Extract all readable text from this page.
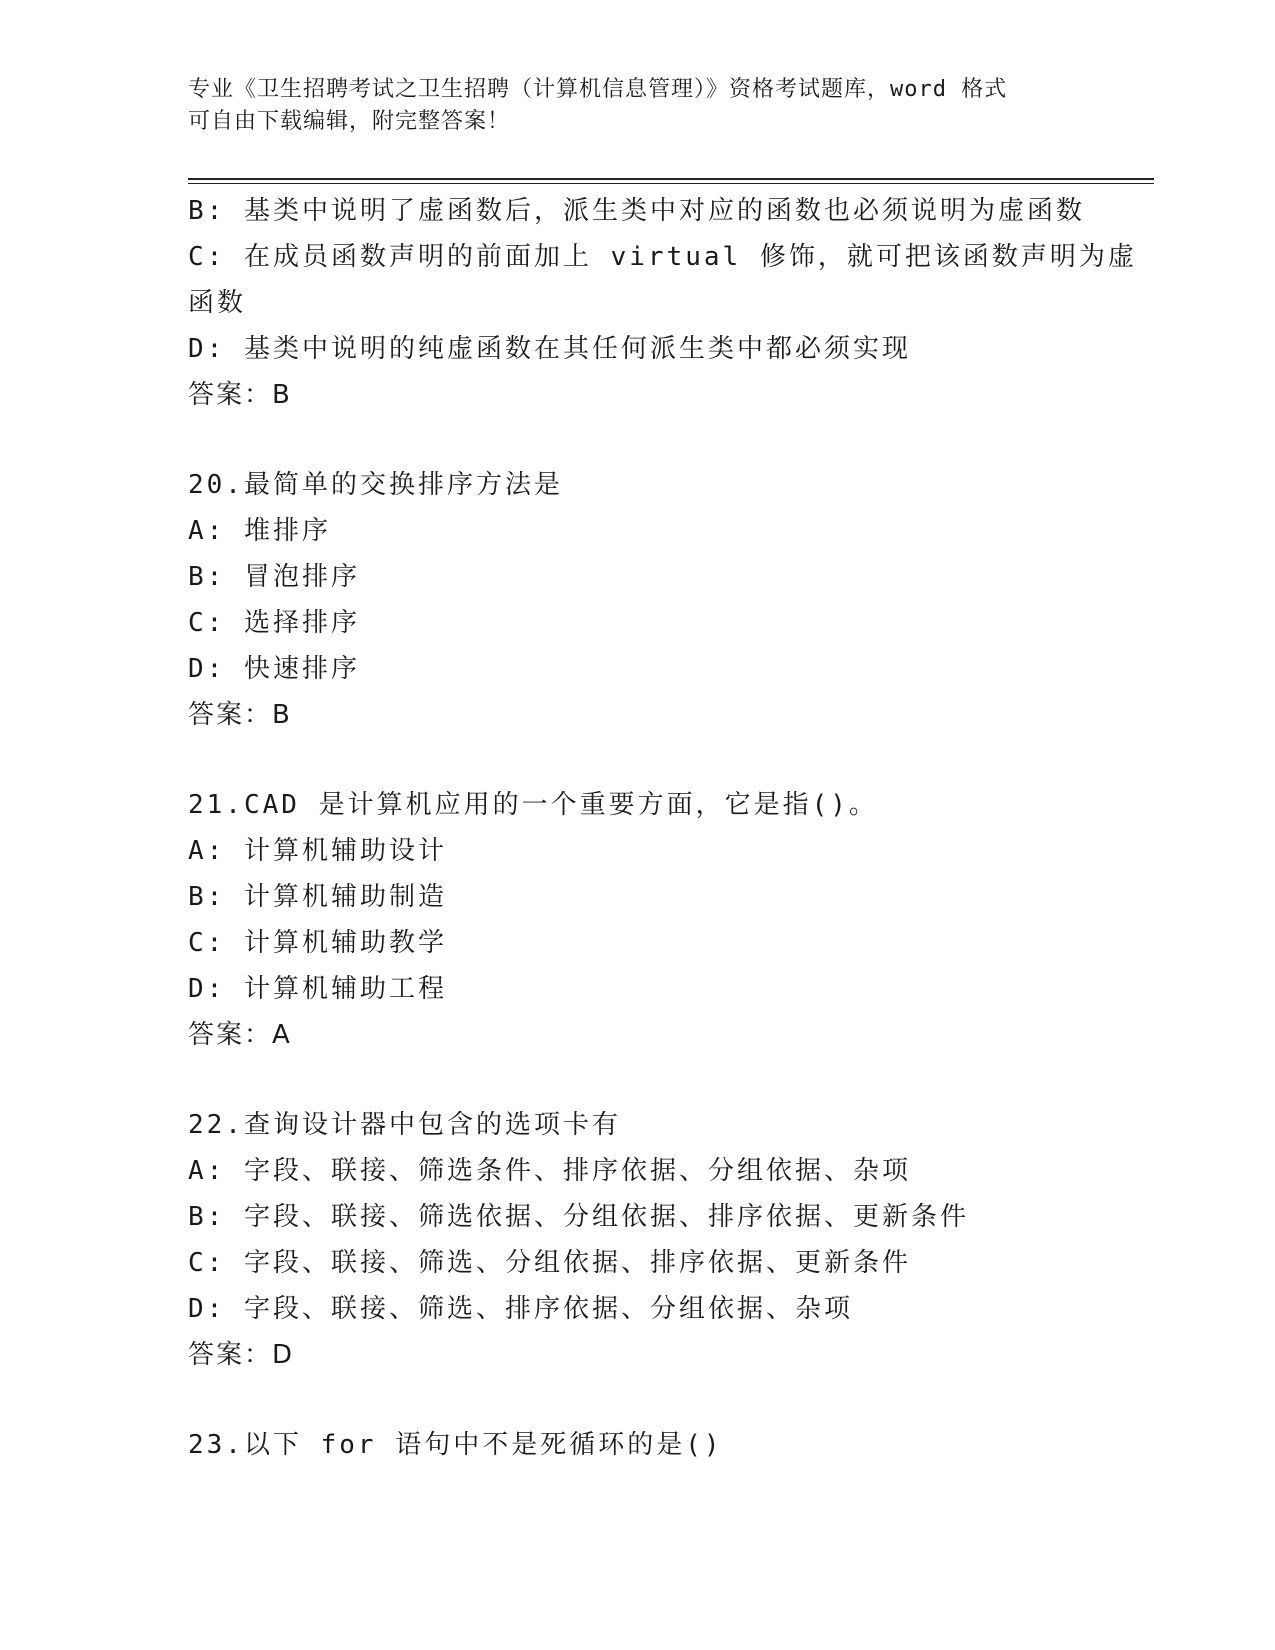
专业《卫生招聘考试之卫生招聘（计算机信息管理）》资格考试题库，word 格式
可自由下载编辑，附完整答案！
B: 基类中说明了虚函数后，派生类中对应的函数也必须说明为虚函数
C: 在成员函数声明的前面加上 virtual 修饰，就可把该函数声明为虚
函数
D: 基类中说明的纯虚函数在其任何派生类中都必须实现
答案：B
20.最简单的交换排序方法是
A: 堆排序
B: 冒泡排序
C: 选择排序
D: 快速排序
答案：B
21.CAD 是计算机应用的一个重要方面，它是指()。
A: 计算机辅助设计
B: 计算机辅助制造
C: 计算机辅助教学
D: 计算机辅助工程
答案：A
22.查询设计器中包含的选项卡有
A: 字段、联接、筛选条件、排序依据、分组依据、杂项
B: 字段、联接、筛选依据、分组依据、排序依据、更新条件
C: 字段、联接、筛选、分组依据、排序依据、更新条件
D: 字段、联接、筛选、排序依据、分组依据、杂项
答案：D
23.以下 for 语句中不是死循环的是()
